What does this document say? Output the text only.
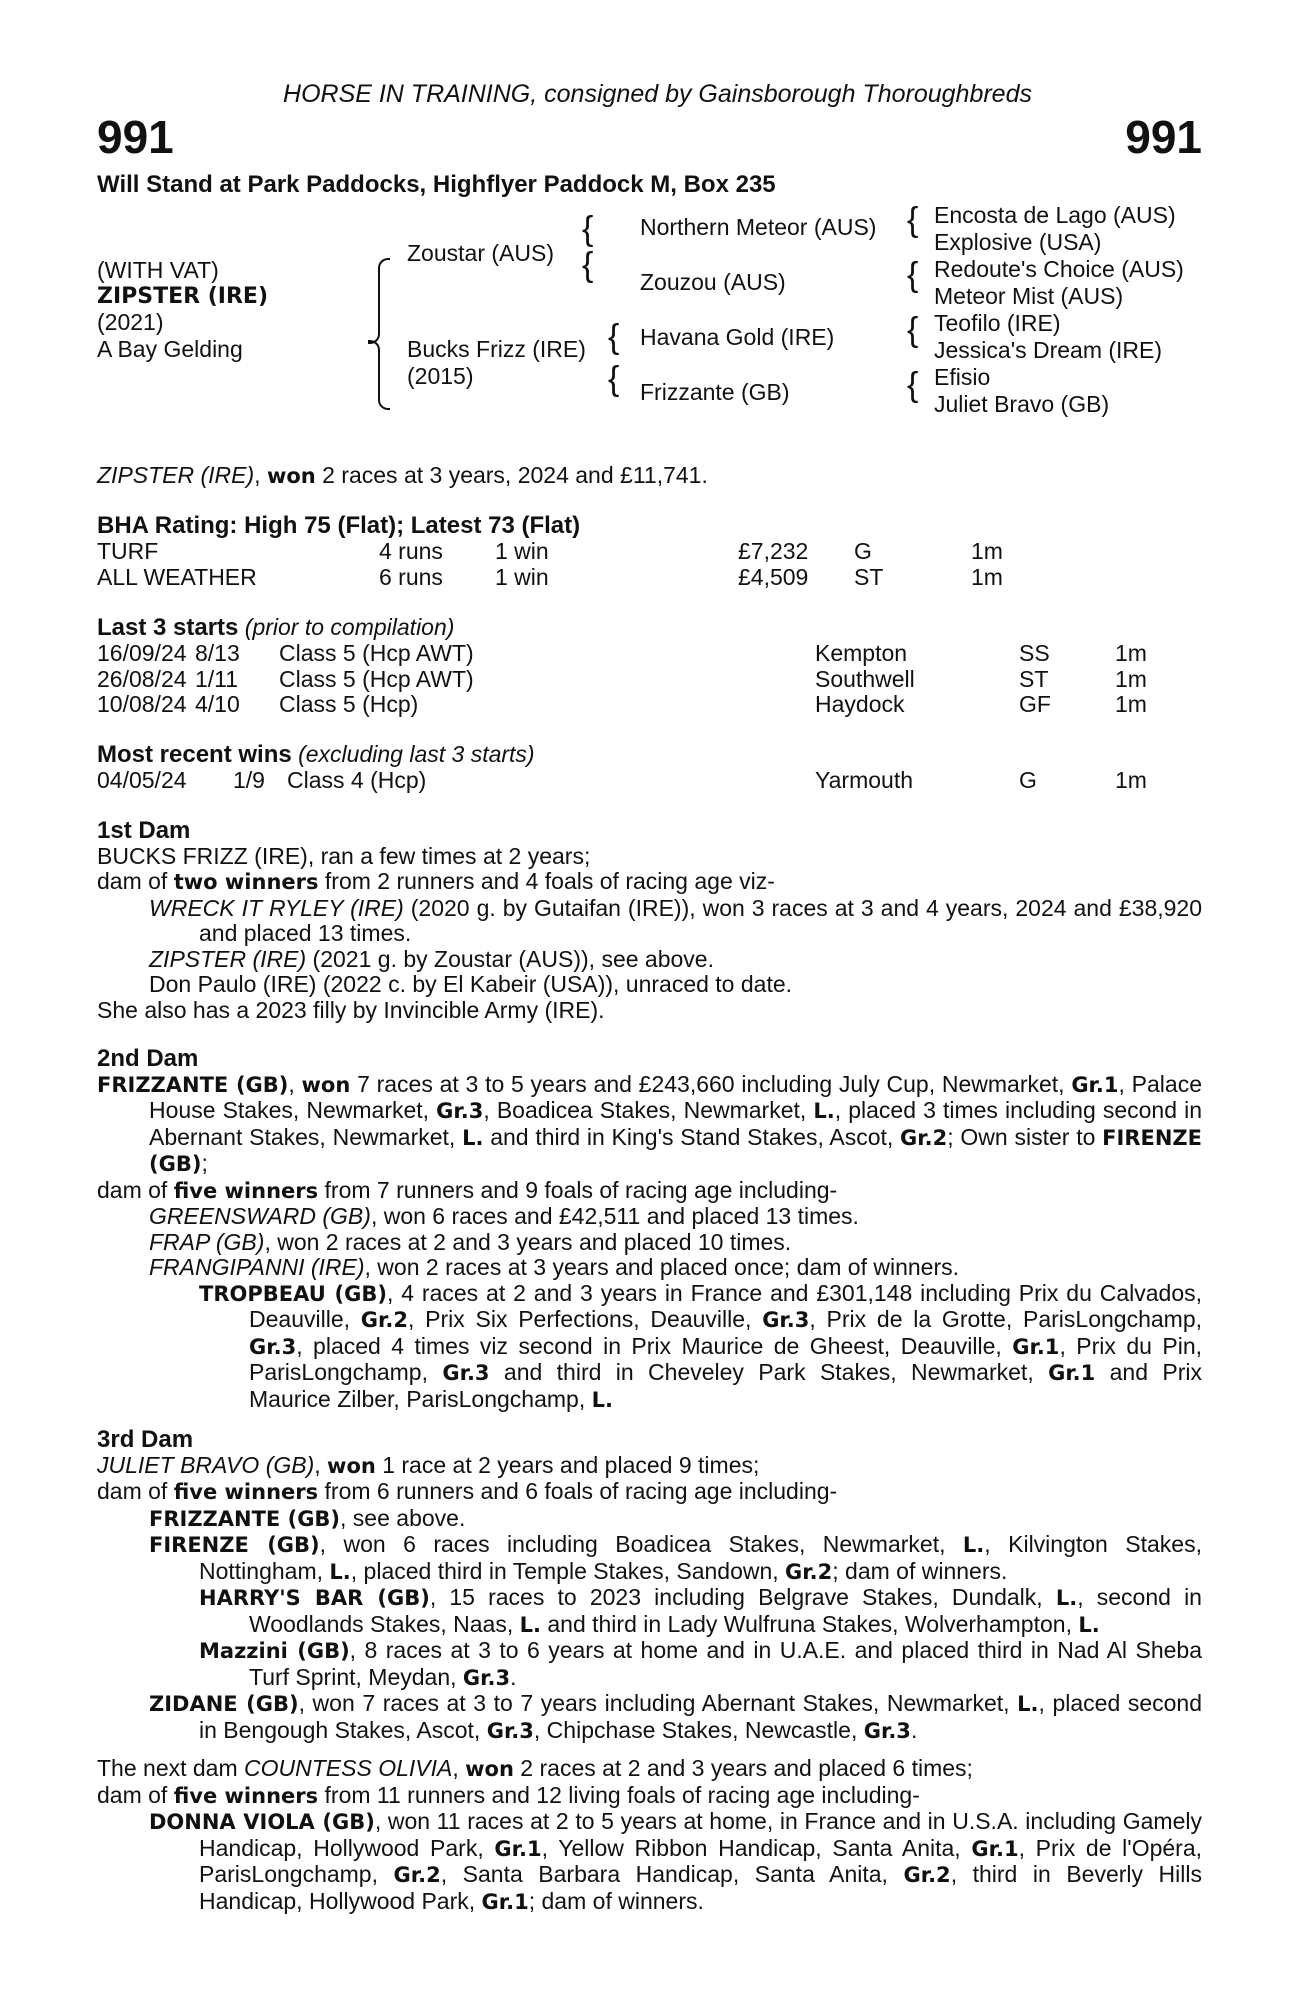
HORSE IN TRAINING, consigned by Gainsborough Thoroughbreds
991	991
Will Stand at Park Paddocks, Highflyer Paddock M, Box 235
(WITH VAT)
ZIPSTER (IRE)
(2021)
A Bay Gelding
Zoustar (AUS)
Bucks Frizz (IRE)
(2015)
{
{
{
{
Northern Meteor (AUS)
Zouzou (AUS)
Havana Gold (IRE)
Frizzante (GB)
{
{
{
{
Encosta de Lago (AUS)
Explosive (USA)
Redoute's Choice (AUS)
Meteor Mist (AUS)
Teofilo (IRE)
Jessica's Dream (IRE)
Efisio
Juliet Bravo (GB)
ZIPSTER (IRE), won 2 races at 3 years, 2024 and £11,741.
BHA Rating: High 75 (Flat); Latest 73 (Flat)
TURF	4 runs	1 win	£7,232	G	1m
ALL WEATHER	6 runs	1 win	£4,509	ST	1m
Last 3 starts (prior to compilation)
16/09/24	8/13	Class 5 (Hcp AWT)	Kempton	SS	1m
26/08/24	1/11	Class 5 (Hcp AWT)	Southwell	ST	1m
10/08/24	4/10	Class 5 (Hcp)	Haydock	GF	1m
Most recent wins (excluding last 3 starts)
04/05/24	1/9	Class 4 (Hcp)	Yarmouth	G	1m
1st Dam
BUCKS FRIZZ (IRE), ran a few times at 2 years;
dam of two winners from 2 runners and 4 foals of racing age viz-
WRECK IT RYLEY (IRE) (2020 g. by Gutaifan (IRE)), won 3 races at 3 and 4 years, 2024 and £38,920 and placed 13 times.
ZIPSTER (IRE) (2021 g. by Zoustar (AUS)), see above.
Don Paulo (IRE) (2022 c. by El Kabeir (USA)), unraced to date.
She also has a 2023 filly by Invincible Army (IRE).
2nd Dam
FRIZZANTE (GB), won 7 races at 3 to 5 years and £243,660 including July Cup, Newmarket, Gr.1, Palace House Stakes, Newmarket, Gr.3, Boadicea Stakes, Newmarket, L., placed 3 times including second in Abernant Stakes, Newmarket, L. and third in King's Stand Stakes, Ascot, Gr.2; Own sister to FIRENZE (GB);
dam of five winners from 7 runners and 9 foals of racing age including-
GREENSWARD (GB), won 6 races and £42,511 and placed 13 times.
FRAP (GB), won 2 races at 2 and 3 years and placed 10 times.
FRANGIPANNI (IRE), won 2 races at 3 years and placed once; dam of winners.
TROPBEAU (GB), 4 races at 2 and 3 years in France and £301,148 including Prix du Calvados, Deauville, Gr.2, Prix Six Perfections, Deauville, Gr.3, Prix de la Grotte, ParisLongchamp, Gr.3, placed 4 times viz second in Prix Maurice de Gheest, Deauville, Gr.1, Prix du Pin, ParisLongchamp, Gr.3 and third in Cheveley Park Stakes, Newmarket, Gr.1 and Prix Maurice Zilber, ParisLongchamp, L.
3rd Dam
JULIET BRAVO (GB), won 1 race at 2 years and placed 9 times;
dam of five winners from 6 runners and 6 foals of racing age including-
FRIZZANTE (GB), see above.
FIRENZE (GB), won 6 races including Boadicea Stakes, Newmarket, L., Kilvington Stakes, Nottingham, L., placed third in Temple Stakes, Sandown, Gr.2; dam of winners.
HARRY'S BAR (GB), 15 races to 2023 including Belgrave Stakes, Dundalk, L., second in Woodlands Stakes, Naas, L. and third in Lady Wulfruna Stakes, Wolverhampton, L.
Mazzini (GB), 8 races at 3 to 6 years at home and in U.A.E. and placed third in Nad Al Sheba Turf Sprint, Meydan, Gr.3.
ZIDANE (GB), won 7 races at 3 to 7 years including Abernant Stakes, Newmarket, L., placed second in Bengough Stakes, Ascot, Gr.3, Chipchase Stakes, Newcastle, Gr.3.
The next dam COUNTESS OLIVIA, won 2 races at 2 and 3 years and placed 6 times;
dam of five winners from 11 runners and 12 living foals of racing age including-
DONNA VIOLA (GB), won 11 races at 2 to 5 years at home, in France and in U.S.A. including Gamely Handicap, Hollywood Park, Gr.1, Yellow Ribbon Handicap, Santa Anita, Gr.1, Prix de l'Opéra, ParisLongchamp, Gr.2, Santa Barbara Handicap, Santa Anita, Gr.2, third in Beverly Hills Handicap, Hollywood Park, Gr.1; dam of winners.
